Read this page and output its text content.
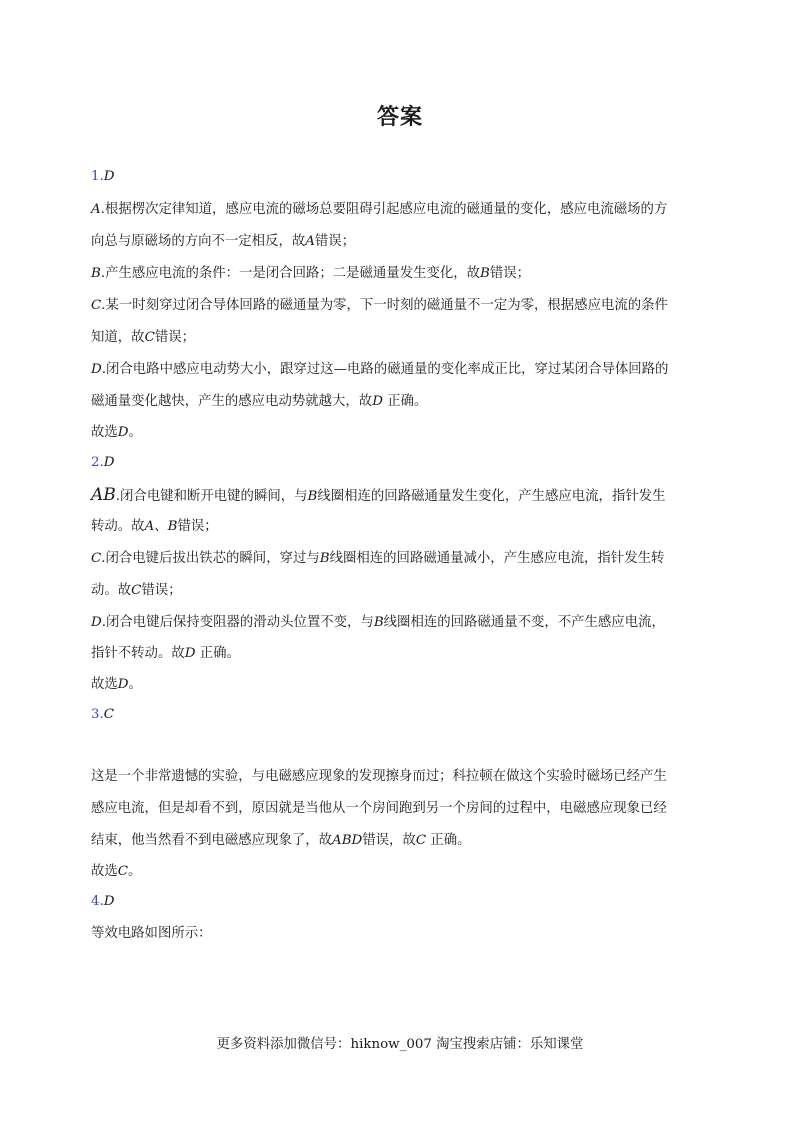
答案
1.D
A.根据楞次定律知道，感应电流的磁场总要阻碍引起感应电流的磁通量的变化，感应电流磁场的方
向总与原磁场的方向不一定相反，故A错误；
B.产生感应电流的条件：一是闭合回路；二是磁通量发生变化，故B错误；
C.某一时刻穿过闭合导体回路的磁通量为零，下一时刻的磁通量不一定为零，根据感应电流的条件
知道，故C错误；
D.闭合电路中感应电动势大小，跟穿过这—电路的磁通量的变化率成正比，穿过某闭合导体回路的
磁通量变化越快，产生的感应电动势就越大，故D 正确。
故选D。
2.D
AB.闭合电键和断开电键的瞬间，与B线圈相连的回路磁通量发生变化，产生感应电流，指针发生
转动。故A、B错误；
C.闭合电键后拔出铁芯的瞬间，穿过与B线圈相连的回路磁通量减小，产生感应电流，指针发生转
动。故C错误；
D.闭合电键后保持变阻器的滑动头位置不变，与B线圈相连的回路磁通量不变，不产生感应电流，
指针不转动。故D 正确。
故选D。
3.C
这是一个非常遗憾的实验，与电磁感应现象的发现擦身而过；科拉顿在做这个实验时磁场已经产生
感应电流，但是却看不到，原因就是当他从一个房间跑到另一个房间的过程中，电磁感应现象已经
结束，他当然看不到电磁感应现象了，故ABD错误，故C 正确。
故选C。
4.D
等效电路如图所示：
更多资料添加微信号：hiknow_007 淘宝搜索店铺：乐知课堂
